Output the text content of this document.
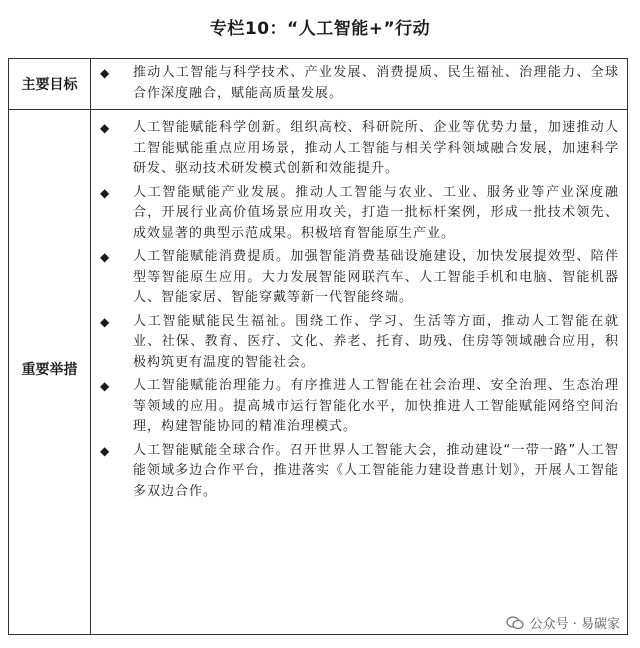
专栏10：“人工智能+”行动
主要目标
◆ 推动人工智能与科学技术、产业发展、消费提质、民生福祉、治理能力、全球合作深度融合，赋能高质量发展。
重要举措
◆ 人工智能赋能科学创新。组织高校、科研院所、企业等优势力量，加速推动人工智能赋能重点应用场景，推动人工智能与相关学科领域融合发展，加速科学研发、驱动技术研发模式创新和效能提升。
◆ 人工智能赋能产业发展。推动人工智能与农业、工业、服务业等产业深度融合，开展行业高价值场景应用攻关，打造一批标杆案例，形成一批技术领先、成效显著的典型示范成果。积极培育智能原生产业。
◆ 人工智能赋能消费提质。加强智能消费基础设施建设，加快发展提效型、陪伴型等智能原生应用。大力发展智能网联汽车、人工智能手机和电脑、智能机器人、智能家居、智能穿戴等新一代智能终端。
◆ 人工智能赋能民生福祉。围绕工作、学习、生活等方面，推动人工智能在就业、社保、教育、医疗、文化、养老、托育、助残、住房等领域融合应用，积极构筑更有温度的智能社会。
◆ 人工智能赋能治理能力。有序推进人工智能在社会治理、安全治理、生态治理等领域的应用。提高城市运行智能化水平，加快推进人工智能赋能网络空间治理，构建智能协同的精准治理模式。
◆ 人工智能赋能全球合作。召开世界人工智能大会，推动建设“一带一路”人工智能领域多边合作平台，推进落实《人工智能能力建设普惠计划》，开展人工智能多双边合作。
公众号 · 易碳家
